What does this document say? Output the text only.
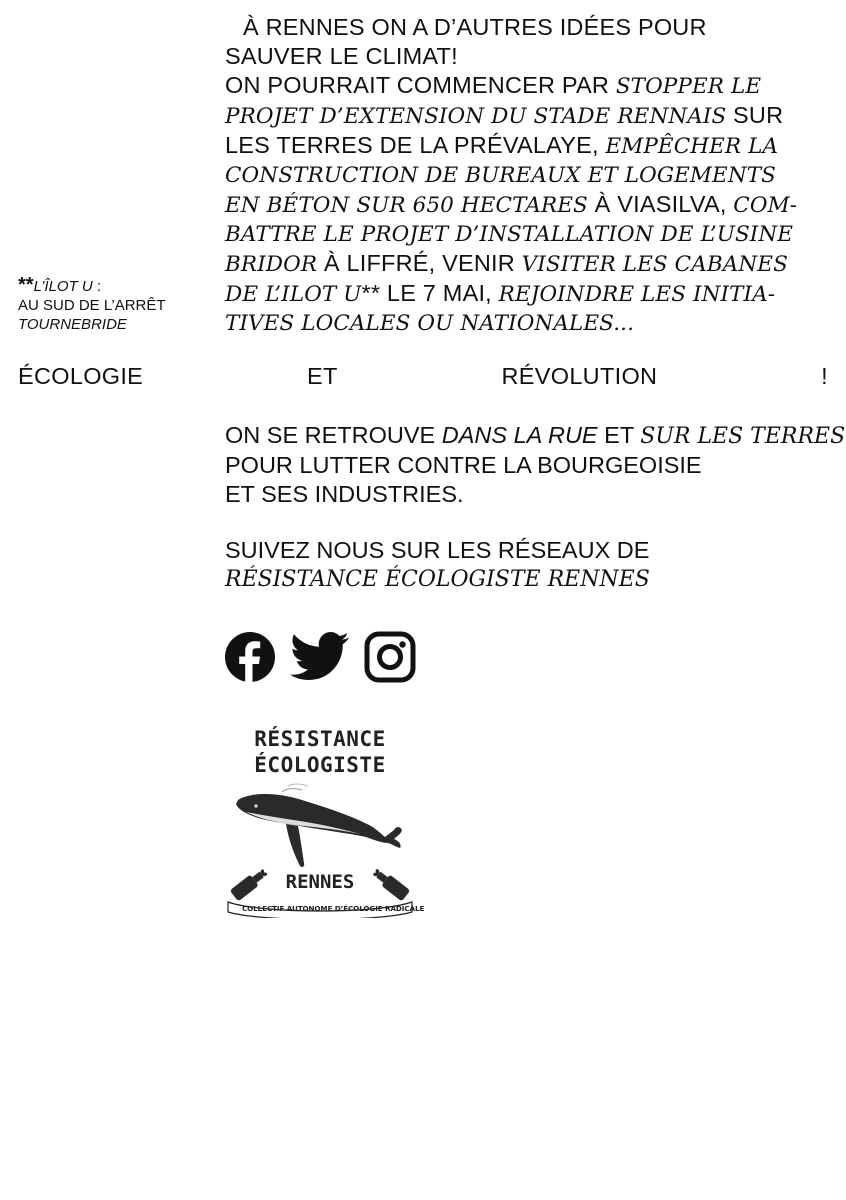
À RENNES ON A D’AUTRES IDÉES POUR
SAUVER LE CLIMAT!
ON POURRAIT COMMENCER PAR STOPPER LE
PROJET D’EXTENSION DU STADE RENNAIS SUR
LES TERRES DE LA PRÉVALAYE, EMPÊCHER LA
CONSTRUCTION DE BUREAUX ET LOGEMENTS
EN BÉTON SUR 650 HECTARES À VIASILVA, COM-
BATTRE LE PROJET D’INSTALLATION DE L’USINE
BRIDOR À LIFFRÉ, VENIR VISITER LES CABANES
DE L’ILOT U** LE 7 MAI, REJOINDRE LES INITIA-
TIVES LOCALES OU NATIONALES...
**L’ÎLOT U :
AU SUD DE L’ARRÊT
TOURNEBRIDE
ÉCOLOGIE	ET	RÉVOLUTION	!
ON SE RETROUVE DANS LA RUE ET SUR LES TERRES
POUR LUTTER CONTRE LA BOURGEOISIE
ET SES INDUSTRIES.
SUIVEZ NOUS SUR LES RÉSEAUX DE
RÉSISTANCE ÉCOLOGISTE RENNES
RÉSISTANCE
ÉCOLOGISTE
RENNES
COLLECTIF AUTONOME D’ÉCOLOGIE RADICALE
